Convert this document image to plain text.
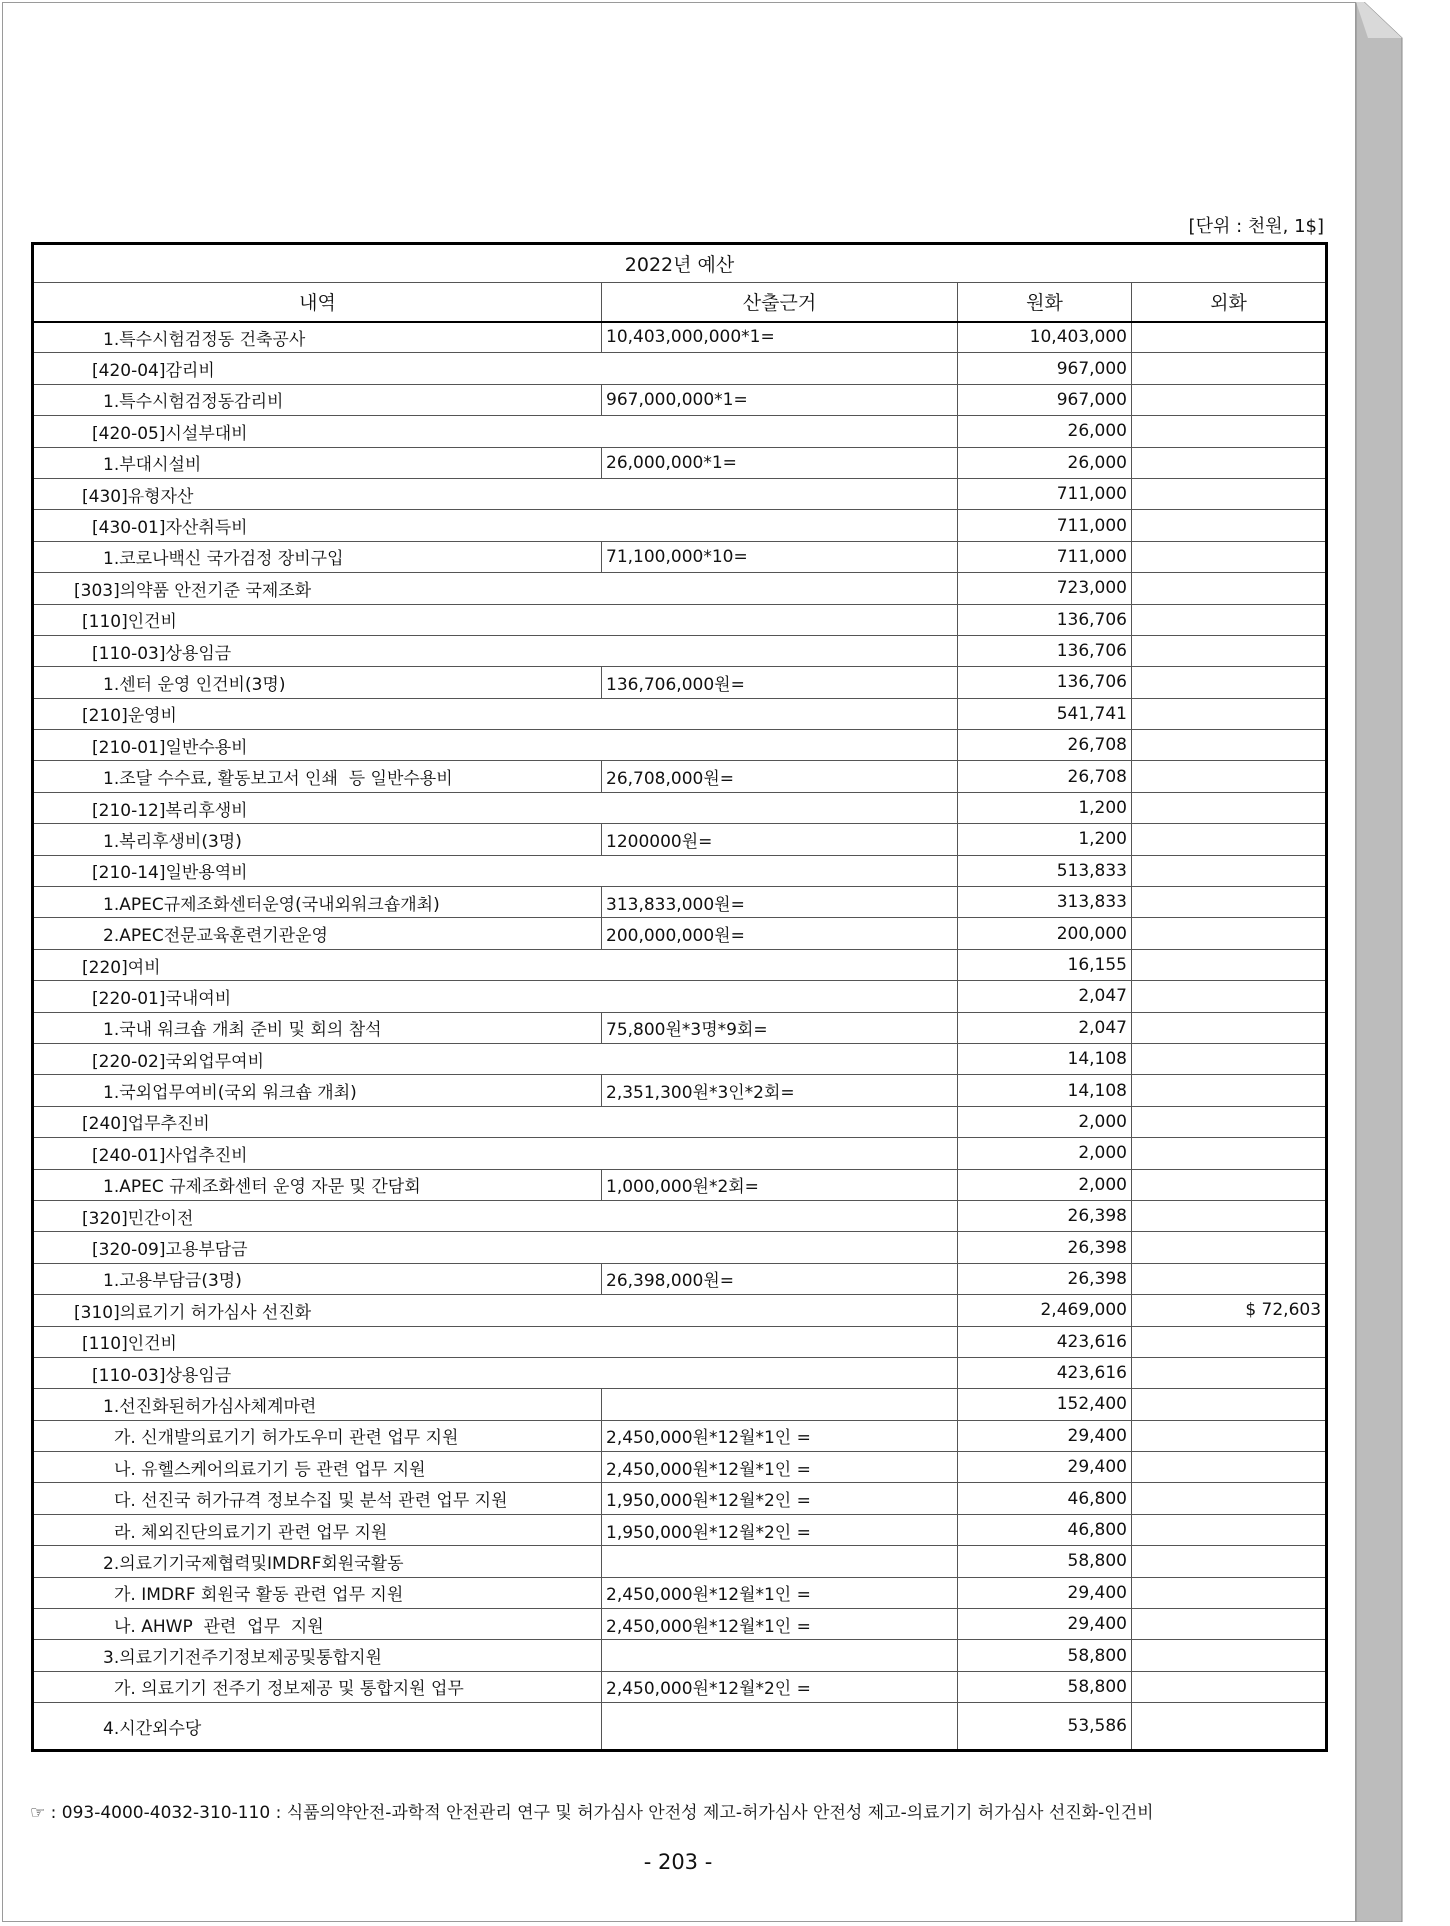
[단위 : 천원, 1$]
2022년 예산			
내역	산출근거	원화	외화
1.특수시험검정동 건축공사	10,403,000,000*1=	10,403,000	
[420-04]감리비		967,000	
1.특수시험검정동감리비	967,000,000*1=	967,000	
[420-05]시설부대비		26,000	
1.부대시설비	26,000,000*1=	26,000	
[430]유형자산		711,000	
[430-01]자산취득비		711,000	
1.코로나백신 국가검정 장비구입	71,100,000*10=	711,000	
[303]의약품 안전기준 국제조화		723,000	
[110]인건비		136,706	
[110-03]상용임금		136,706	
1.센터 운영 인건비(3명)	136,706,000원=	136,706	
[210]운영비		541,741	
[210-01]일반수용비		26,708	
1.조달 수수료, 활동보고서 인쇄  등 일반수용비	26,708,000원=	26,708	
[210-12]복리후생비		1,200	
1.복리후생비(3명)	1200000원=	1,200	
[210-14]일반용역비		513,833	
1.APEC규제조화센터운영(국내외워크숍개최)	313,833,000원=	313,833	
2.APEC전문교육훈련기관운영	200,000,000원=	200,000	
[220]여비		16,155	
[220-01]국내여비		2,047	
1.국내 워크숍 개최 준비 및 회의 참석	75,800원*3명*9회=	2,047	
[220-02]국외업무여비		14,108	
1.국외업무여비(국외 워크숍 개최)	2,351,300원*3인*2회=	14,108	
[240]업무추진비		2,000	
[240-01]사업추진비		2,000	
1.APEC 규제조화센터 운영 자문 및 간담회	1,000,000원*2회=	2,000	
[320]민간이전		26,398	
[320-09]고용부담금		26,398	
1.고용부담금(3명)	26,398,000원=	26,398	
[310]의료기기 허가심사 선진화		2,469,000	$ 72,603
[110]인건비		423,616	
[110-03]상용임금		423,616	
1.선진화된허가심사체계마련		152,400	
가. 신개발의료기기 허가도우미 관련 업무 지원	2,450,000원*12월*1인 =	29,400	
나. 유헬스케어의료기기 등 관련 업무 지원	2,450,000원*12월*1인 =	29,400	
다. 선진국 허가규격 정보수집 및 분석 관련 업무 지원	1,950,000원*12월*2인 =	46,800	
라. 체외진단의료기기 관련 업무 지원	1,950,000원*12월*2인 =	46,800	
2.의료기기국제협력및IMDRF회원국활동		58,800	
가. IMDRF 회원국 활동 관련 업무 지원	2,450,000원*12월*1인 =	29,400	
나. AHWP  관련  업무  지원	2,450,000원*12월*1인 =	29,400	
3.의료기기전주기정보제공및통합지원		58,800	
가. 의료기기 전주기 정보제공 및 통합지원 업무	2,450,000원*12월*2인 =	58,800	
4.시간외수당		53,586	
☞ : 093-4000-4032-310-110 : 식품의약안전-과학적 안전관리 연구 및 허가심사 안전성 제고-허가심사 안전성 제고-의료기기 허가심사 선진화-인건비
- 203 -
